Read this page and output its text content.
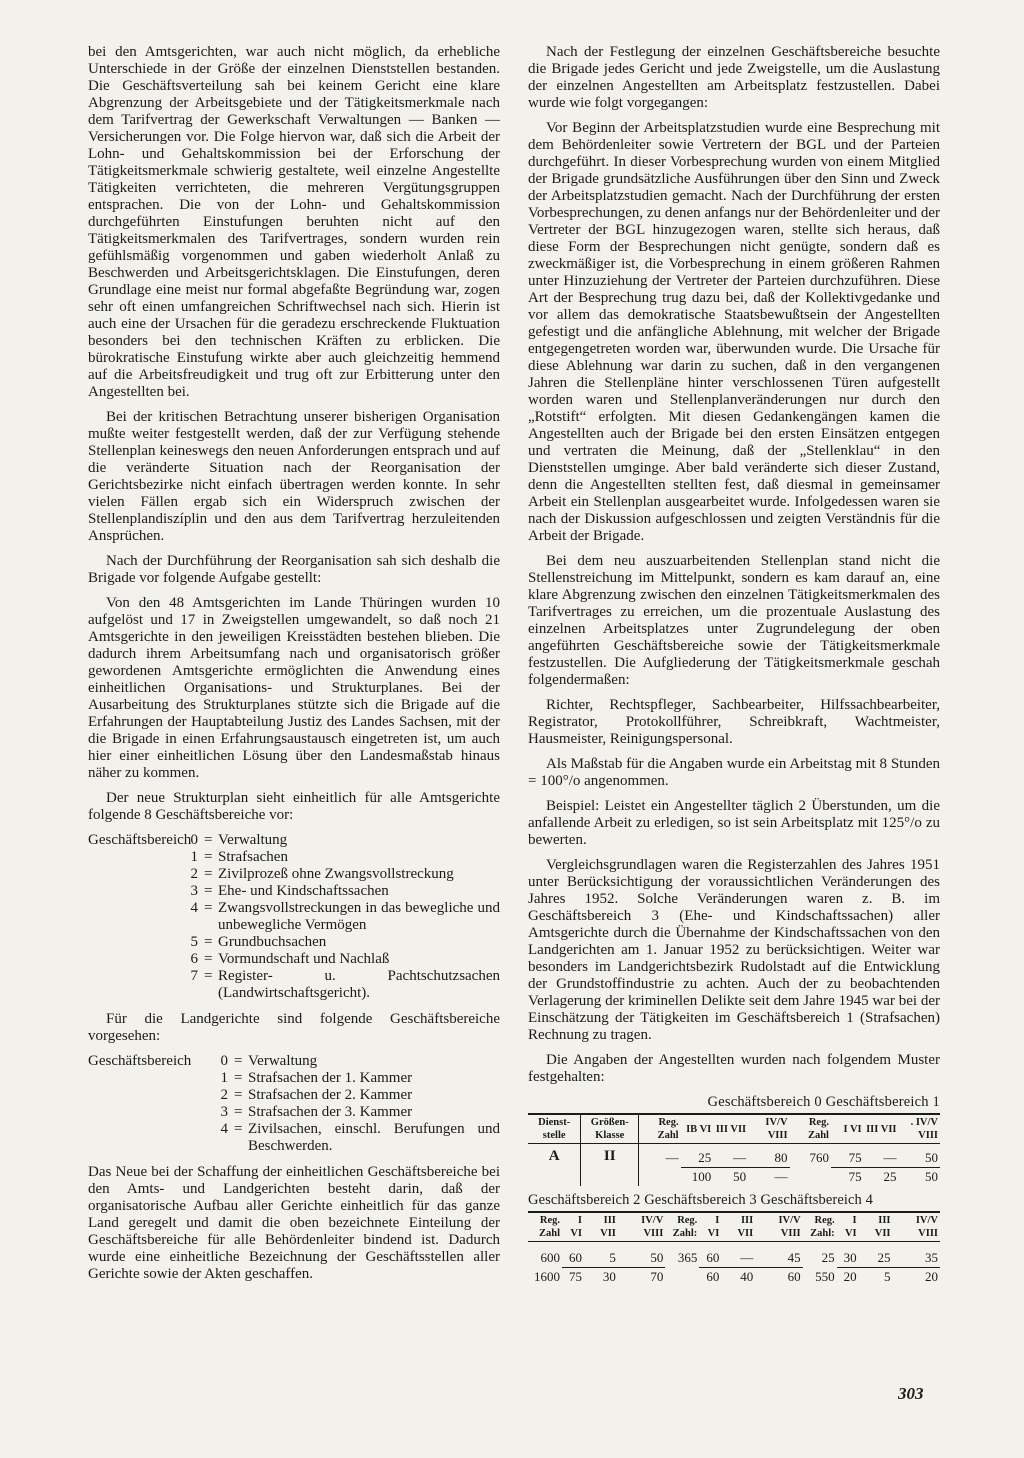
bei den Amtsgerichten, war auch nicht möglich, da erhebliche Unterschiede in der Größe der einzelnen Dienststellen bestanden. Die Geschäftsverteilung sah bei keinem Gericht eine klare Abgrenzung der Arbeitsgebiete und der Tätigkeitsmerkmale nach dem Tarifvertrag der Gewerkschaft Verwaltungen — Banken — Versicherungen vor. Die Folge hiervon war, daß sich die Arbeit der Lohn- und Gehaltskommission bei der Erforschung der Tätigkeitsmerkmale schwierig gestaltete, weil einzelne Angestellte Tätigkeiten verrichteten, die mehreren Vergütungsgruppen entsprachen. Die von der Lohn- und Gehaltskommission durchgeführten Einstufungen beruhten nicht auf den Tätigkeitsmerkmalen des Tarifvertrages, sondern wurden rein gefühlsmäßig vorgenommen und gaben wiederholt Anlaß zu Beschwerden und Arbeitsgerichtsklagen. Die Einstufungen, deren Grundlage eine meist nur formal abgefaßte Begründung war, zogen sehr oft einen umfangreichen Schriftwechsel nach sich. Hierin ist auch eine der Ursachen für die geradezu erschreckende Fluktuation besonders bei den technischen Kräften zu erblicken. Die bürokratische Einstufung wirkte aber auch gleichzeitig hemmend auf die Arbeitsfreudigkeit und trug oft zur Erbitterung unter den Angestellten bei.

Bei der kritischen Betrachtung unserer bisherigen Organisation mußte weiter festgestellt werden, daß der zur Verfügung stehende Stellenplan keineswegs den neuen Anforderungen entsprach und auf die veränderte Situation nach der Reorganisation der Gerichtsbezirke nicht einfach übertragen werden konnte. In sehr vielen Fällen ergab sich ein Widerspruch zwischen der Stellenplandiszíplin und den aus dem Tarifvertrag herzuleitenden Ansprüchen.

Nach der Durchführung der Reorganisation sah sich deshalb die Brigade vor folgende Aufgabe gestellt:

Von den 48 Amtsgerichten im Lande Thüringen wurden 10 aufgelöst und 17 in Zweigstellen umgewandelt, so daß noch 21 Amtsgerichte in den jeweiligen Kreisstädten bestehen blieben. Die dadurch ihrem Arbeitsumfang nach und organisatorisch größer gewordenen Amtsgerichte ermöglichten die Anwendung eines einheitlichen Organisations- und Strukturplanes. Bei der Ausarbeitung des Strukturplanes stützte sich die Brigade auf die Erfahrungen der Hauptabteilung Justiz des Landes Sachsen, mit der die Brigade in einen Erfahrungsaustausch eingetreten ist, um auch hier einer einheitlichen Lösung über den Landesmaßstab hinaus näher zu kommen.

Der neue Strukturplan sieht einheitlich für alle Amtsgerichte folgende 8 Geschäftsbereiche vor:

Geschäftsbereich 0 = Verwaltung
1 = Strafsachen
2 = Zivilprozeß ohne Zwangsvollstreckung
3 = Ehe- und Kindschaftssachen
4 = Zwangsvollstreckungen in das bewegliche und unbewegliche Vermögen
5 = Grundbuchsachen
6 = Vormundschaft und Nachlaß
7 = Register- u. Pachtschutzsachen (Landwirtschaftsgericht).

Für die Landgerichte sind folgende Geschäftsbereiche vorgesehen:

Geschäftsbereich	0 = Verwaltung
1 = Strafsachen der 1. Kammer
2 = Strafsachen der 2. Kammer
3 = Strafsachen der 3. Kammer
4 = Zivilsachen, einschl. Berufungen und Beschwerden.

Das Neue bei der Schaffung der einheitlichen Geschäftsbereiche bei den Amts- und Landgerichten besteht darin, daß der organisatorische Aufbau aller Gerichte einheitlich für das ganze Land geregelt und damit die oben bezeichnete Einteilung der Geschäftsbereiche für alle Behördenleiter bindend ist. Dadurch wurde eine einheitliche Bezeichnung der Geschäftsstellen aller Gerichte sowie der Akten geschaffen.

Nach der Festlegung der einzelnen Geschäftsbereiche besuchte die Brigade jedes Gericht und jede Zweigstelle, um die Auslastung der einzelnen Angestellten am Arbeitsplatz festzustellen. Dabei wurde wie folgt vorgegangen:

Vor Beginn der Arbeitsplatzstudien wurde eine Besprechung mit dem Behördenleiter sowie Vertretern der BGL und der Parteien durchgeführt. In dieser Vorbesprechung wurden von einem Mitglied der Brigade grundsätzliche Ausführungen über den Sinn und Zweck der Arbeitsplatzstudien gemacht. Nach der Durchführung der ersten Vorbesprechungen, zu denen anfangs nur der Behördenleiter und der Vertreter der BGL hinzugezogen waren, stellte sich heraus, daß diese Form der Besprechungen nicht genügte, sondern daß es zweckmäßiger ist, die Vorbesprechung in einem größeren Rahmen unter Hinzuziehung der Vertreter der Parteien durchzuführen. Diese Art der Besprechung trug dazu bei, daß der Kollektivgedanke und vor allem das demokratische Staatsbewußtsein der Angestellten gefestigt und die anfängliche Ablehnung, mit welcher der Brigade entgegengetreten worden war, überwunden wurde. Die Ursache für diese Ablehnung war darin zu suchen, daß in den vergangenen Jahren die Stellenpläne hinter verschlossenen Türen aufgestellt worden waren und Stellenplanveränderungen nur durch den „Rotstift“ erfolgten. Mit diesen Gedankengängen kamen die Angestellten auch der Brigade bei den ersten Einsätzen entgegen und vertraten die Meinung, daß der „Stellenklau“ in den Dienststellen umginge. Aber bald veränderte sich dieser Zustand, denn die Angestellten stellten fest, daß diesmal in gemeinsamer Arbeit ein Stellenplan ausgearbeitet wurde. Infolgedessen waren sie nach der Diskussion aufgeschlossen und zeigten Verständnis für die Arbeit der Brigade.

Bei dem neu auszuarbeitenden Stellenplan stand nicht die Stellenstreichung im Mittelpunkt, sondern es kam darauf an, eine klare Abgrenzung zwischen den einzelnen Tätigkeitsmerkmalen des Tarifvertrages zu erreichen, um die prozentuale Auslastung des einzelnen Arbeitsplatzes unter Zugrundelegung der oben angeführten Geschäftsbereiche sowie der Tätigkeitsmerkmale festzustellen. Die Aufgliederung der Tätigkeitsmerkmale geschah folgendermaßen:

Richter, Rechtspfleger, Sachbearbeiter, Hilfssachbearbeiter, Registrator, Protokollführer, Schreibkraft, Wachtmeister, Hausmeister, Reinigungspersonal.

Als Maßstab für die Angaben wurde ein Arbeitstag mit 8 Stunden = 100°/o angenommen.

Beispiel: Leistet ein Angestellter täglich 2 Überstunden, um die anfallende Arbeit zu erledigen, so ist sein Arbeitsplatz mit 125°/o zu bewerten.

Vergleichsgrundlagen waren die Registerzahlen des Jahres 1951 unter Berücksichtigung der voraussichtlichen Veränderungen des Jahres 1952. Solche Veränderungen waren z. B. im Geschäftsbereich 3 (Ehe- und Kindschaftssachen) aller Amtsgerichte durch die Übernahme der Kindschaftssachen von den Landgerichten am 1. Januar 1952 zu berücksichtigen. Weiter war besonders im Landgerichtsbezirk Rudolstadt auf die Entwicklung der Grundstoffindustrie zu achten. Auch der zu beobachtenden Verlagerung der kriminellen Delikte seit dem Jahre 1945 war bei der Einschätzung der Tätigkeiten im Geschäftsbereich 1 (Strafsachen) Rechnung zu tragen.

Die Angaben der Angestellten wurden nach folgendem Muster festgehalten:

Geschäftsbereich 0 Geschäftsbereich 1
Dienst-stelle	Größen-Klasse	Reg. Zahl	IB VI	III VII	IV/V VIII	Reg. Zahl	I VI	III VII	. IV/V VIII
A	II	—	25	—	80	760	75	—	50
			100	50	—		75	25	50
Geschäftsbereich 2 Geschäftsbereich 3 Geschäftsbereich 4
Reg. Zahl	I VI	III VII	IV/V VIII	Reg. Zahl:	I VI	III VII	IV/V VIII	Reg. Zahl:	I VI	III VII	IV/V VIII
600	60	5	50	365	60	—	45	25	30	25	35
1600	75	30	70		60	40	60	550	20	5	20
303
